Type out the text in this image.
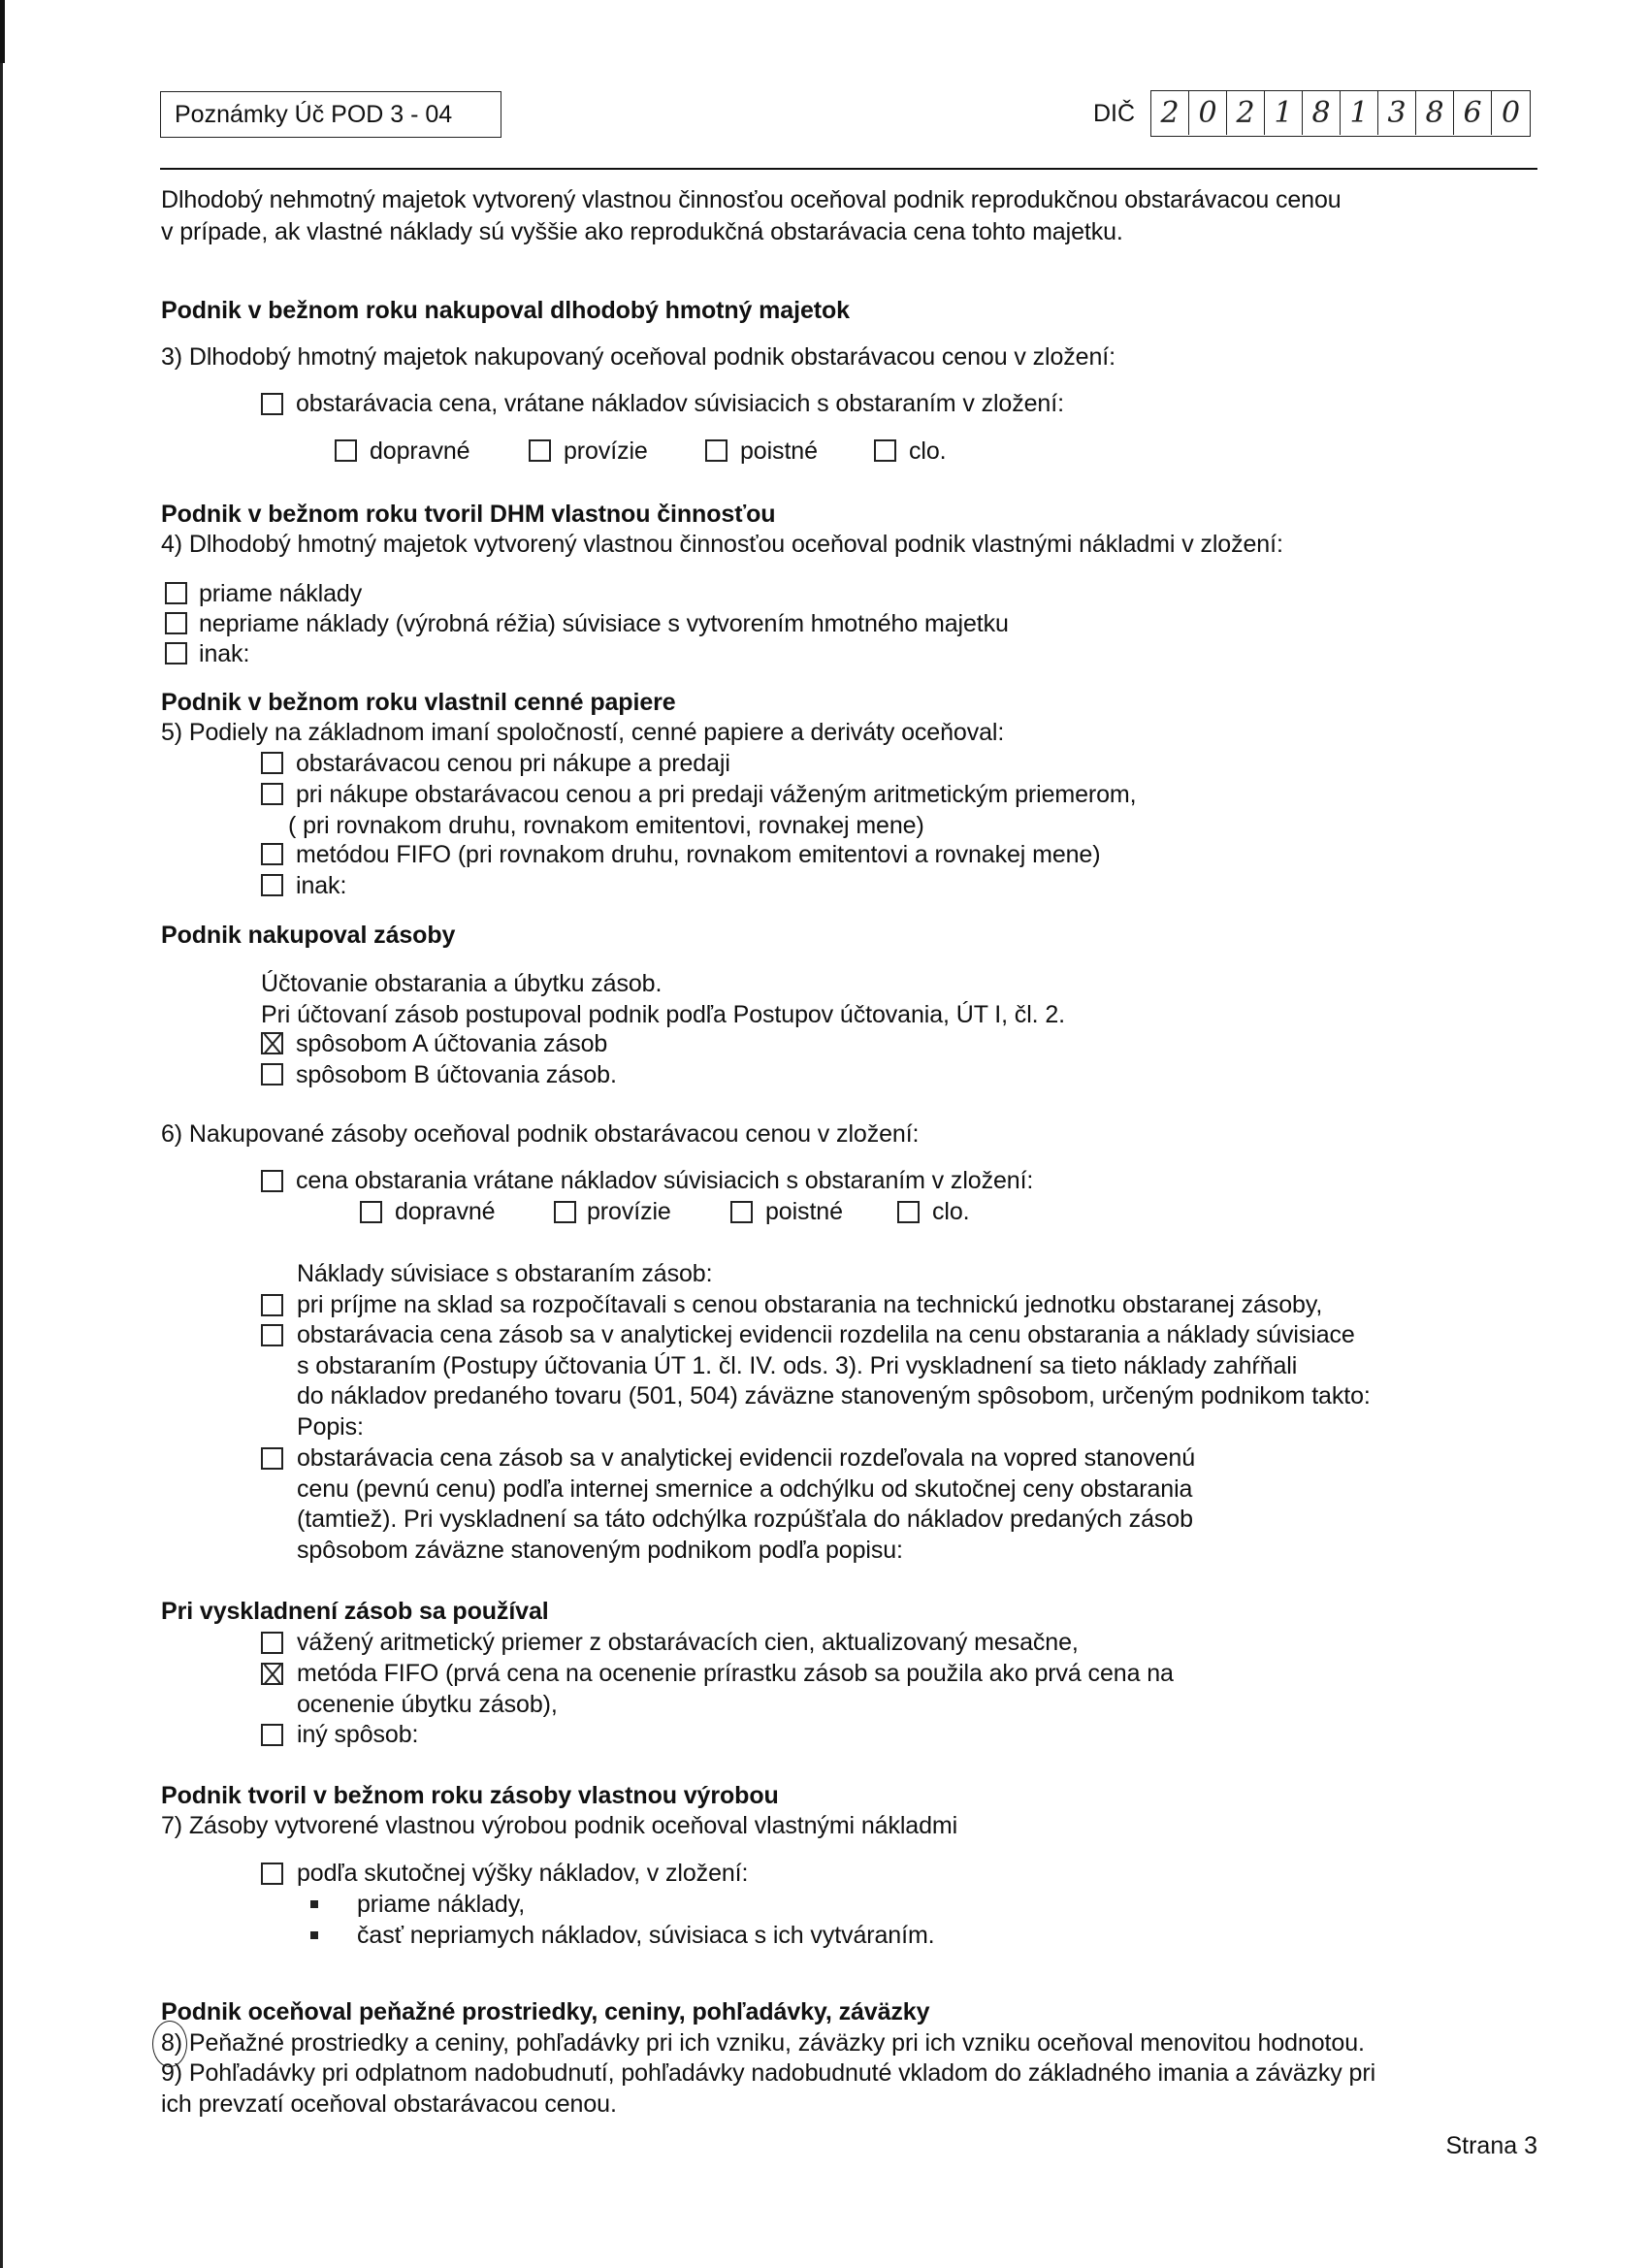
Poznámky Úč POD 3 - 04	DIČ 2 0 2 1 8 1 3 8 6 0
Dlhodobý nehmotný majetok vytvorený vlastnou činnosťou oceňoval podnik reprodukčnou obstarávacou cenou
v prípade, ak vlastné náklady sú vyššie ako reprodukčná obstarávacia cena tohto majetku.
Podnik v bežnom roku nakupoval dlhodobý hmotný majetok
3) Dlhodobý hmotný majetok nakupovaný oceňoval podnik obstarávacou cenou v zložení:
obstarávacia cena, vrátane nákladov súvisiacich s obstaraním v zložení:
dopravné	provízie	poistné	clo.
Podnik v bežnom roku tvoril DHM vlastnou činnosťou
4) Dlhodobý hmotný majetok vytvorený vlastnou činnosťou oceňoval podnik vlastnými nákladmi v zložení:
priame náklady
nepriame náklady (výrobná réžia) súvisiace s vytvorením hmotného majetku
inak:
Podnik v bežnom roku vlastnil cenné papiere
5) Podiely na základnom imaní spoločností, cenné papiere a deriváty oceňoval:
obstarávacou cenou pri nákupe a predaji
pri nákupe obstarávacou cenou a pri predaji váženým aritmetickým priemerom,
( pri rovnakom druhu, rovnakom emitentovi, rovnakej mene)
metódou FIFO (pri rovnakom druhu, rovnakom emitentovi a rovnakej mene)
inak:
Podnik nakupoval zásoby
Účtovanie obstarania a úbytku zásob.
Pri účtovaní zásob postupoval podnik podľa Postupov účtovania, ÚT I, čl. 2.
spôsobom A účtovania zásob
spôsobom B účtovania zásob.
6) Nakupované zásoby oceňoval podnik obstarávacou cenou v zložení:
cena obstarania vrátane nákladov súvisiacich s obstaraním v zložení:
dopravné	provízie	poistné	clo.
Náklady súvisiace s obstaraním zásob:
pri príjme na sklad sa rozpočítavali s cenou obstarania na technickú jednotku obstaranej zásoby,
obstarávacia cena zásob sa v analytickej evidencii rozdelila na cenu obstarania a náklady súvisiace
s obstaraním (Postupy účtovania ÚT 1. čl. IV. ods. 3). Pri vyskladnení sa tieto náklady zahŕňali
do nákladov predaného tovaru (501, 504) záväzne stanoveným spôsobom, určeným podnikom takto:
Popis:
obstarávacia cena zásob sa v analytickej evidencii rozdeľovala na vopred stanovenú
cenu (pevnú cenu) podľa internej smernice a odchýlku od skutočnej ceny obstarania
(tamtiež). Pri vyskladnení sa táto odchýlka rozpúšťala do nákladov predaných zásob
spôsobom záväzne stanoveným podnikom podľa popisu:
Pri vyskladnení zásob sa používal
vážený aritmetický priemer z obstarávacích cien, aktualizovaný mesačne,
metóda FIFO (prvá cena na ocenenie prírastku zásob sa použila ako prvá cena na
ocenenie úbytku zásob),
iný spôsob:
Podnik tvoril v bežnom roku zásoby vlastnou výrobou
7) Zásoby vytvorené vlastnou výrobou podnik oceňoval vlastnými nákladmi
podľa skutočnej výšky nákladov, v zložení:
priame náklady,
časť nepriamych nákladov, súvisiaca s ich vytváraním.
Podnik oceňoval peňažné prostriedky, ceniny, pohľadávky, záväzky
8) Peňažné prostriedky a ceniny, pohľadávky pri ich vzniku, záväzky pri ich vzniku oceňoval menovitou hodnotou.
9) Pohľadávky pri odplatnom nadobudnutí, pohľadávky nadobudnuté vkladom do základného imania a záväzky pri
ich prevzatí oceňoval obstarávacou cenou.
Strana 3
